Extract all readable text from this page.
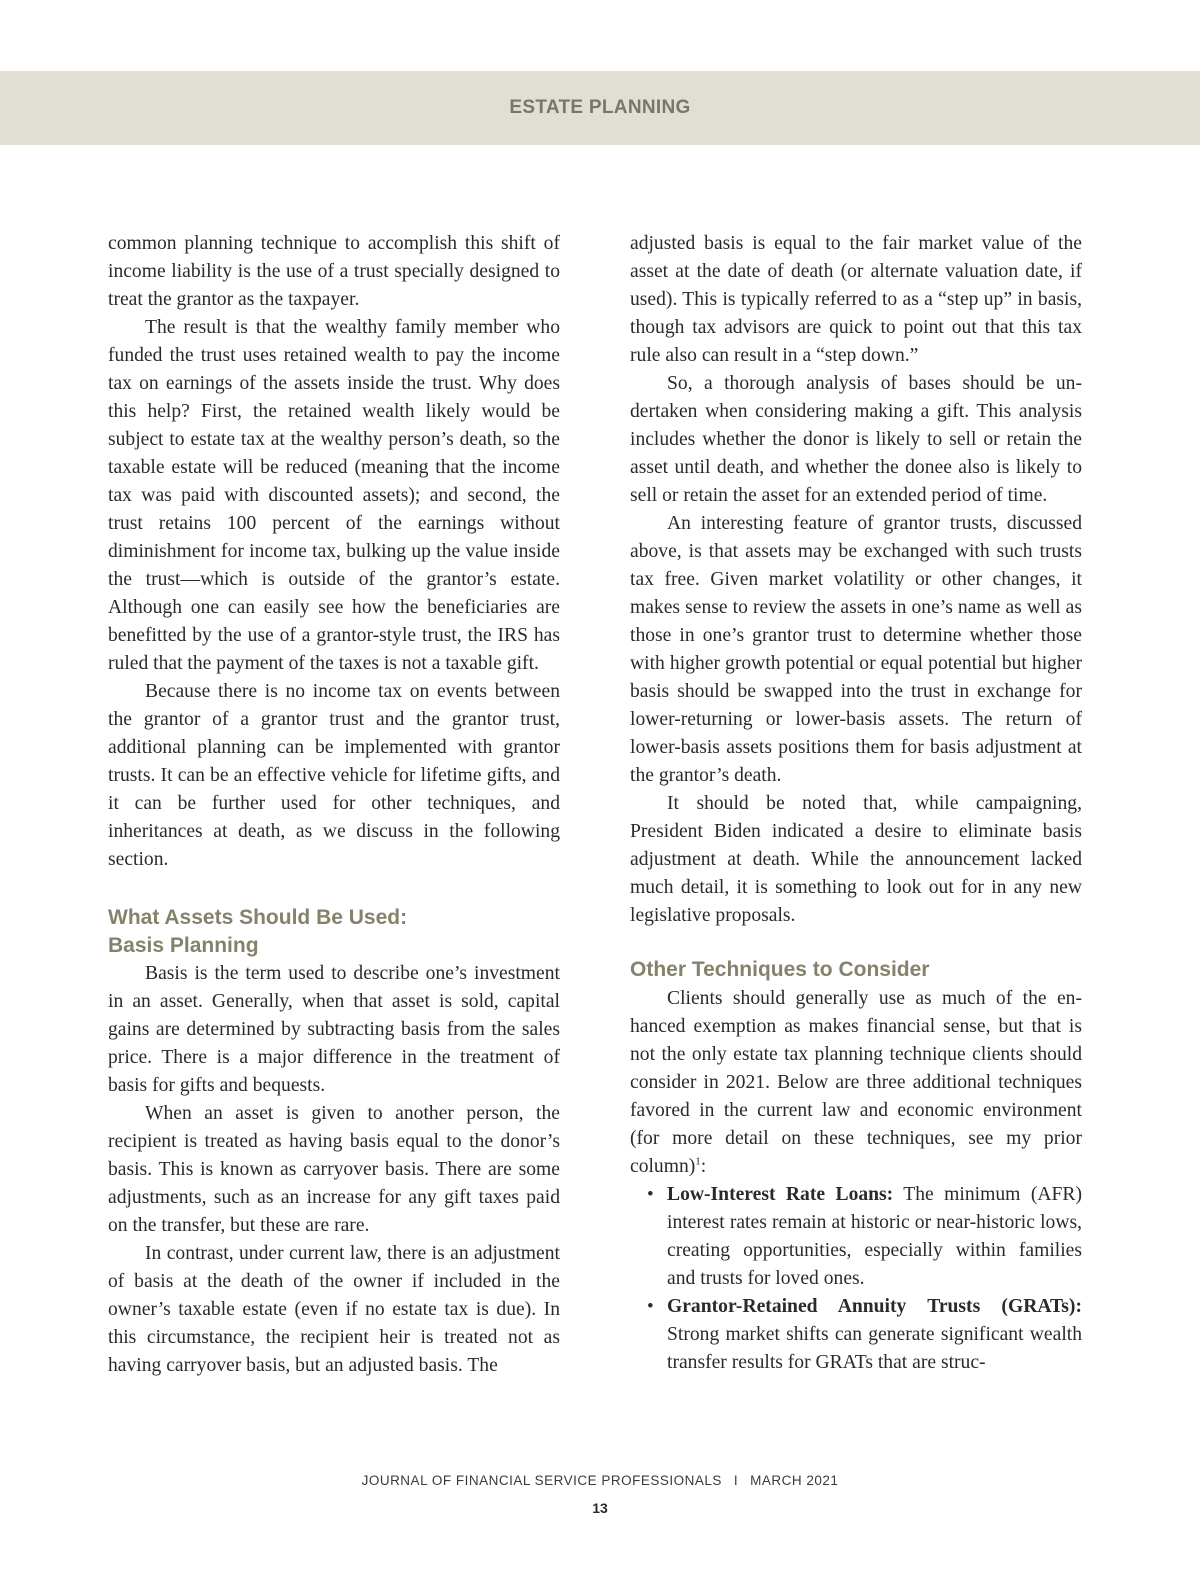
ESTATE PLANNING

common planning technique to accomplish this shift of income liability is the use of a trust specially designed to treat the grantor as the taxpayer.

The result is that the wealthy family member who funded the trust uses retained wealth to pay the income tax on earnings of the assets inside the trust. Why does this help? First, the retained wealth likely would be subject to estate tax at the wealthy person’s death, so the taxable estate will be reduced (meaning that the income tax was paid with discounted assets); and second, the trust retains 100 percent of the earnings without diminishment for income tax, bulking up the value inside the trust—which is outside of the grantor’s estate. Although one can easily see how the beneficiaries are benefitted by the use of a grantor-style trust, the IRS has ruled that the payment of the taxes is not a taxable gift.

Because there is no income tax on events between the grantor of a grantor trust and the grantor trust, additional planning can be implemented with grantor trusts. It can be an effective vehicle for lifetime gifts, and it can be further used for other techniques, and inheritances at death, as we discuss in the following section.

What Assets Should Be Used:
Basis Planning

Basis is the term used to describe one’s investment in an asset. Generally, when that asset is sold, capital gains are determined by subtracting basis from the sales price. There is a major difference in the treatment of basis for gifts and bequests.

When an asset is given to another person, the recipient is treated as having basis equal to the donor’s basis. This is known as carryover basis. There are some adjustments, such as an increase for any gift taxes paid on the transfer, but these are rare.

In contrast, under current law, there is an adjustment of basis at the death of the owner if included in the owner’s taxable estate (even if no estate tax is due). In this circumstance, the recipient heir is treated not as having carryover basis, but an adjusted basis. The

adjusted basis is equal to the fair market value of the asset at the date of death (or alternate valuation date, if used). This is typically referred to as a “step up” in basis, though tax advisors are quick to point out that this tax rule also can result in a “step down.”

So, a thorough analysis of bases should be undertaken when considering making a gift. This analysis includes whether the donor is likely to sell or retain the asset until death, and whether the donee also is likely to sell or retain the asset for an extended period of time.

An interesting feature of grantor trusts, discussed above, is that assets may be exchanged with such trusts tax free. Given market volatility or other changes, it makes sense to review the assets in one’s name as well as those in one’s grantor trust to determine whether those with higher growth potential or equal potential but higher basis should be swapped into the trust in exchange for lower-returning or lower-basis assets. The return of lower-basis assets positions them for basis adjustment at the grantor’s death.

It should be noted that, while campaigning, President Biden indicated a desire to eliminate basis adjustment at death. While the announcement lacked much detail, it is something to look out for in any new legislative proposals.

Other Techniques to Consider

Clients should generally use as much of the enhanced exemption as makes financial sense, but that is not the only estate tax planning technique clients should consider in 2021. Below are three additional techniques favored in the current law and economic environment (for more detail on these techniques, see my prior column)$^1$:

• Low-Interest Rate Loans: The minimum (AFR) interest rates remain at historic or near-historic lows, creating opportunities, especially within families and trusts for loved ones.
• Grantor-Retained Annuity Trusts (GRATs): Strong market shifts can generate significant wealth transfer results for GRATs that are struc-
JOURNAL OF FINANCIAL SERVICE PROFESSIONALS I MARCH 2021
13
